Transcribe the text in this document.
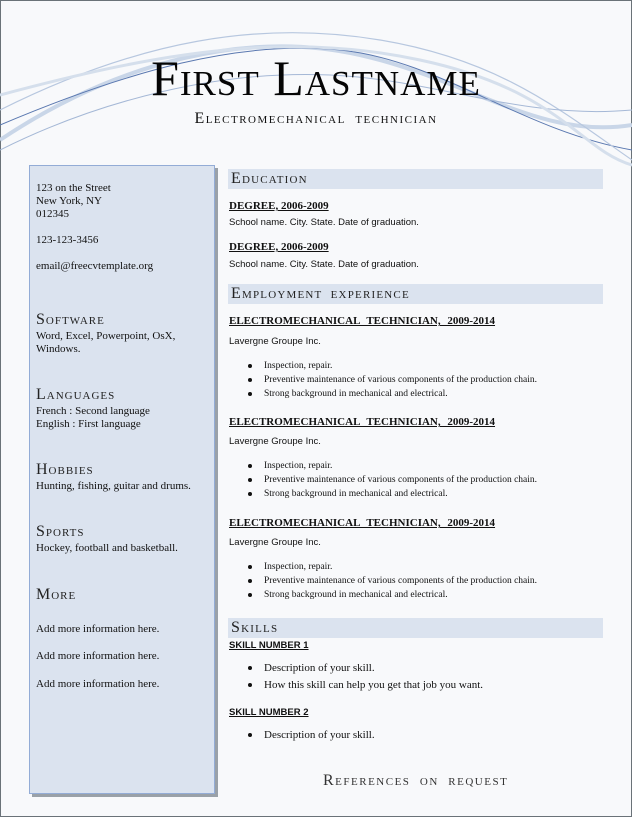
First Lastname
Electromechanical technician
123 on the Street
New York, NY
012345
123-123-3456
email@freecvtemplate.org
Software
Word, Excel, Powerpoint, OsX,
Windows.
Languages
French : Second language
English : First language
Hobbies
Hunting, fishing, guitar and drums.
Sports
Hockey, football and basketball.
More
Add more information here.
Add more information here.
Add more information here.
Education
DEGREE, 2006-2009
School name. City. State. Date of graduation.
DEGREE, 2006-2009
School name. City. State. Date of graduation.
Employment experience
ELECTROMECHANICAL TECHNICIAN, 2009-2014
Lavergne Groupe Inc.
Inspection, repair.
Preventive maintenance of various components of the production chain.
Strong background in mechanical and electrical.
ELECTROMECHANICAL TECHNICIAN, 2009-2014
Lavergne Groupe Inc.
Inspection, repair.
Preventive maintenance of various components of the production chain.
Strong background in mechanical and electrical.
ELECTROMECHANICAL TECHNICIAN, 2009-2014
Lavergne Groupe Inc.
Inspection, repair.
Preventive maintenance of various components of the production chain.
Strong background in mechanical and electrical.
Skills
SKILL NUMBER 1
Description of your skill.
How this skill can help you get that job you want.
SKILL NUMBER 2
Description of your skill.
References on request
